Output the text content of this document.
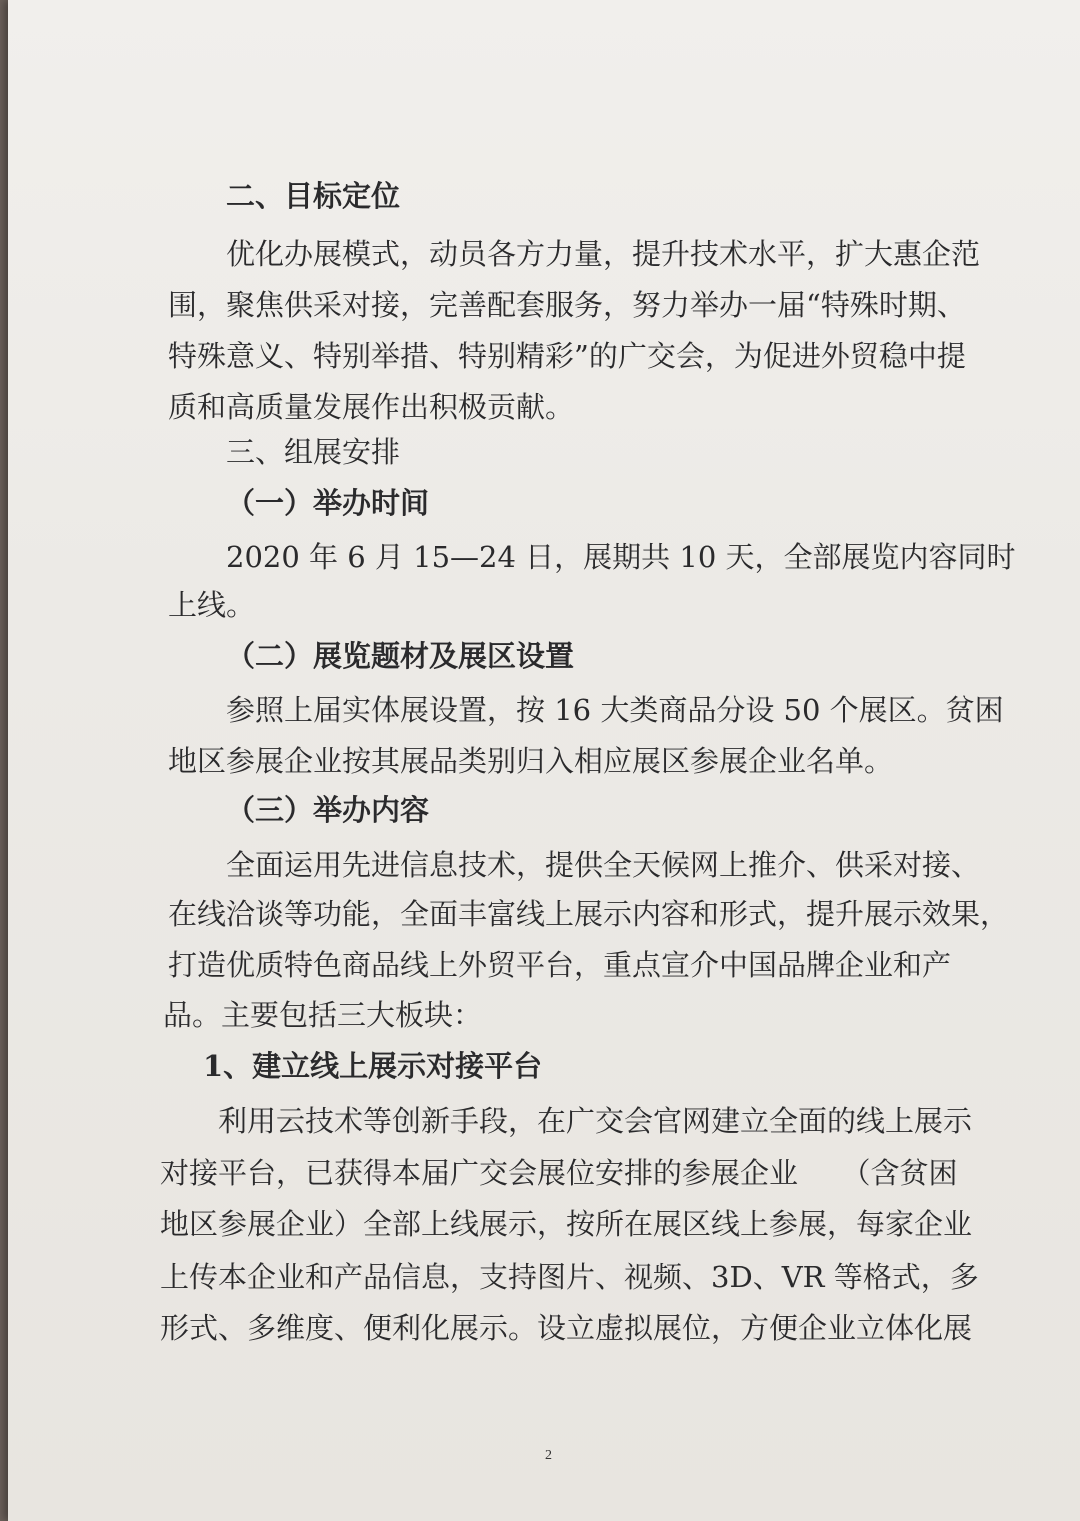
二、目标定位
优化办展模式，动员各方力量，提升技术水平，扩大惠企范
围，聚焦供采对接，完善配套服务，努力举办一届“特殊时期、
特殊意义、特别举措、特别精彩”的广交会，为促进外贸稳中提
质和高质量发展作出积极贡献。
三、组展安排
（一）举办时间
2020 年 6 月 15—24 日，展期共 10 天，全部展览内容同时
上线。
（二）展览题材及展区设置
参照上届实体展设置，按 16 大类商品分设 50 个展区。贫困
地区参展企业按其展品类别归入相应展区参展企业名单。
（三）举办内容
全面运用先进信息技术，提供全天候网上推介、供采对接、
在线洽谈等功能，全面丰富线上展示内容和形式，提升展示效果，
打造优质特色商品线上外贸平台，重点宣介中国品牌企业和产
品。主要包括三大板块：
1、建立线上展示对接平台
利用云技术等创新手段，在广交会官网建立全面的线上展示
对接平台，已获得本届广交会展位安排的参展企业　　（含贫困
地区参展企业）全部上线展示，按所在展区线上参展，每家企业
上传本企业和产品信息，支持图片、视频、3D、VR 等格式，多
形式、多维度、便利化展示。设立虚拟展位，方便企业立体化展
2
